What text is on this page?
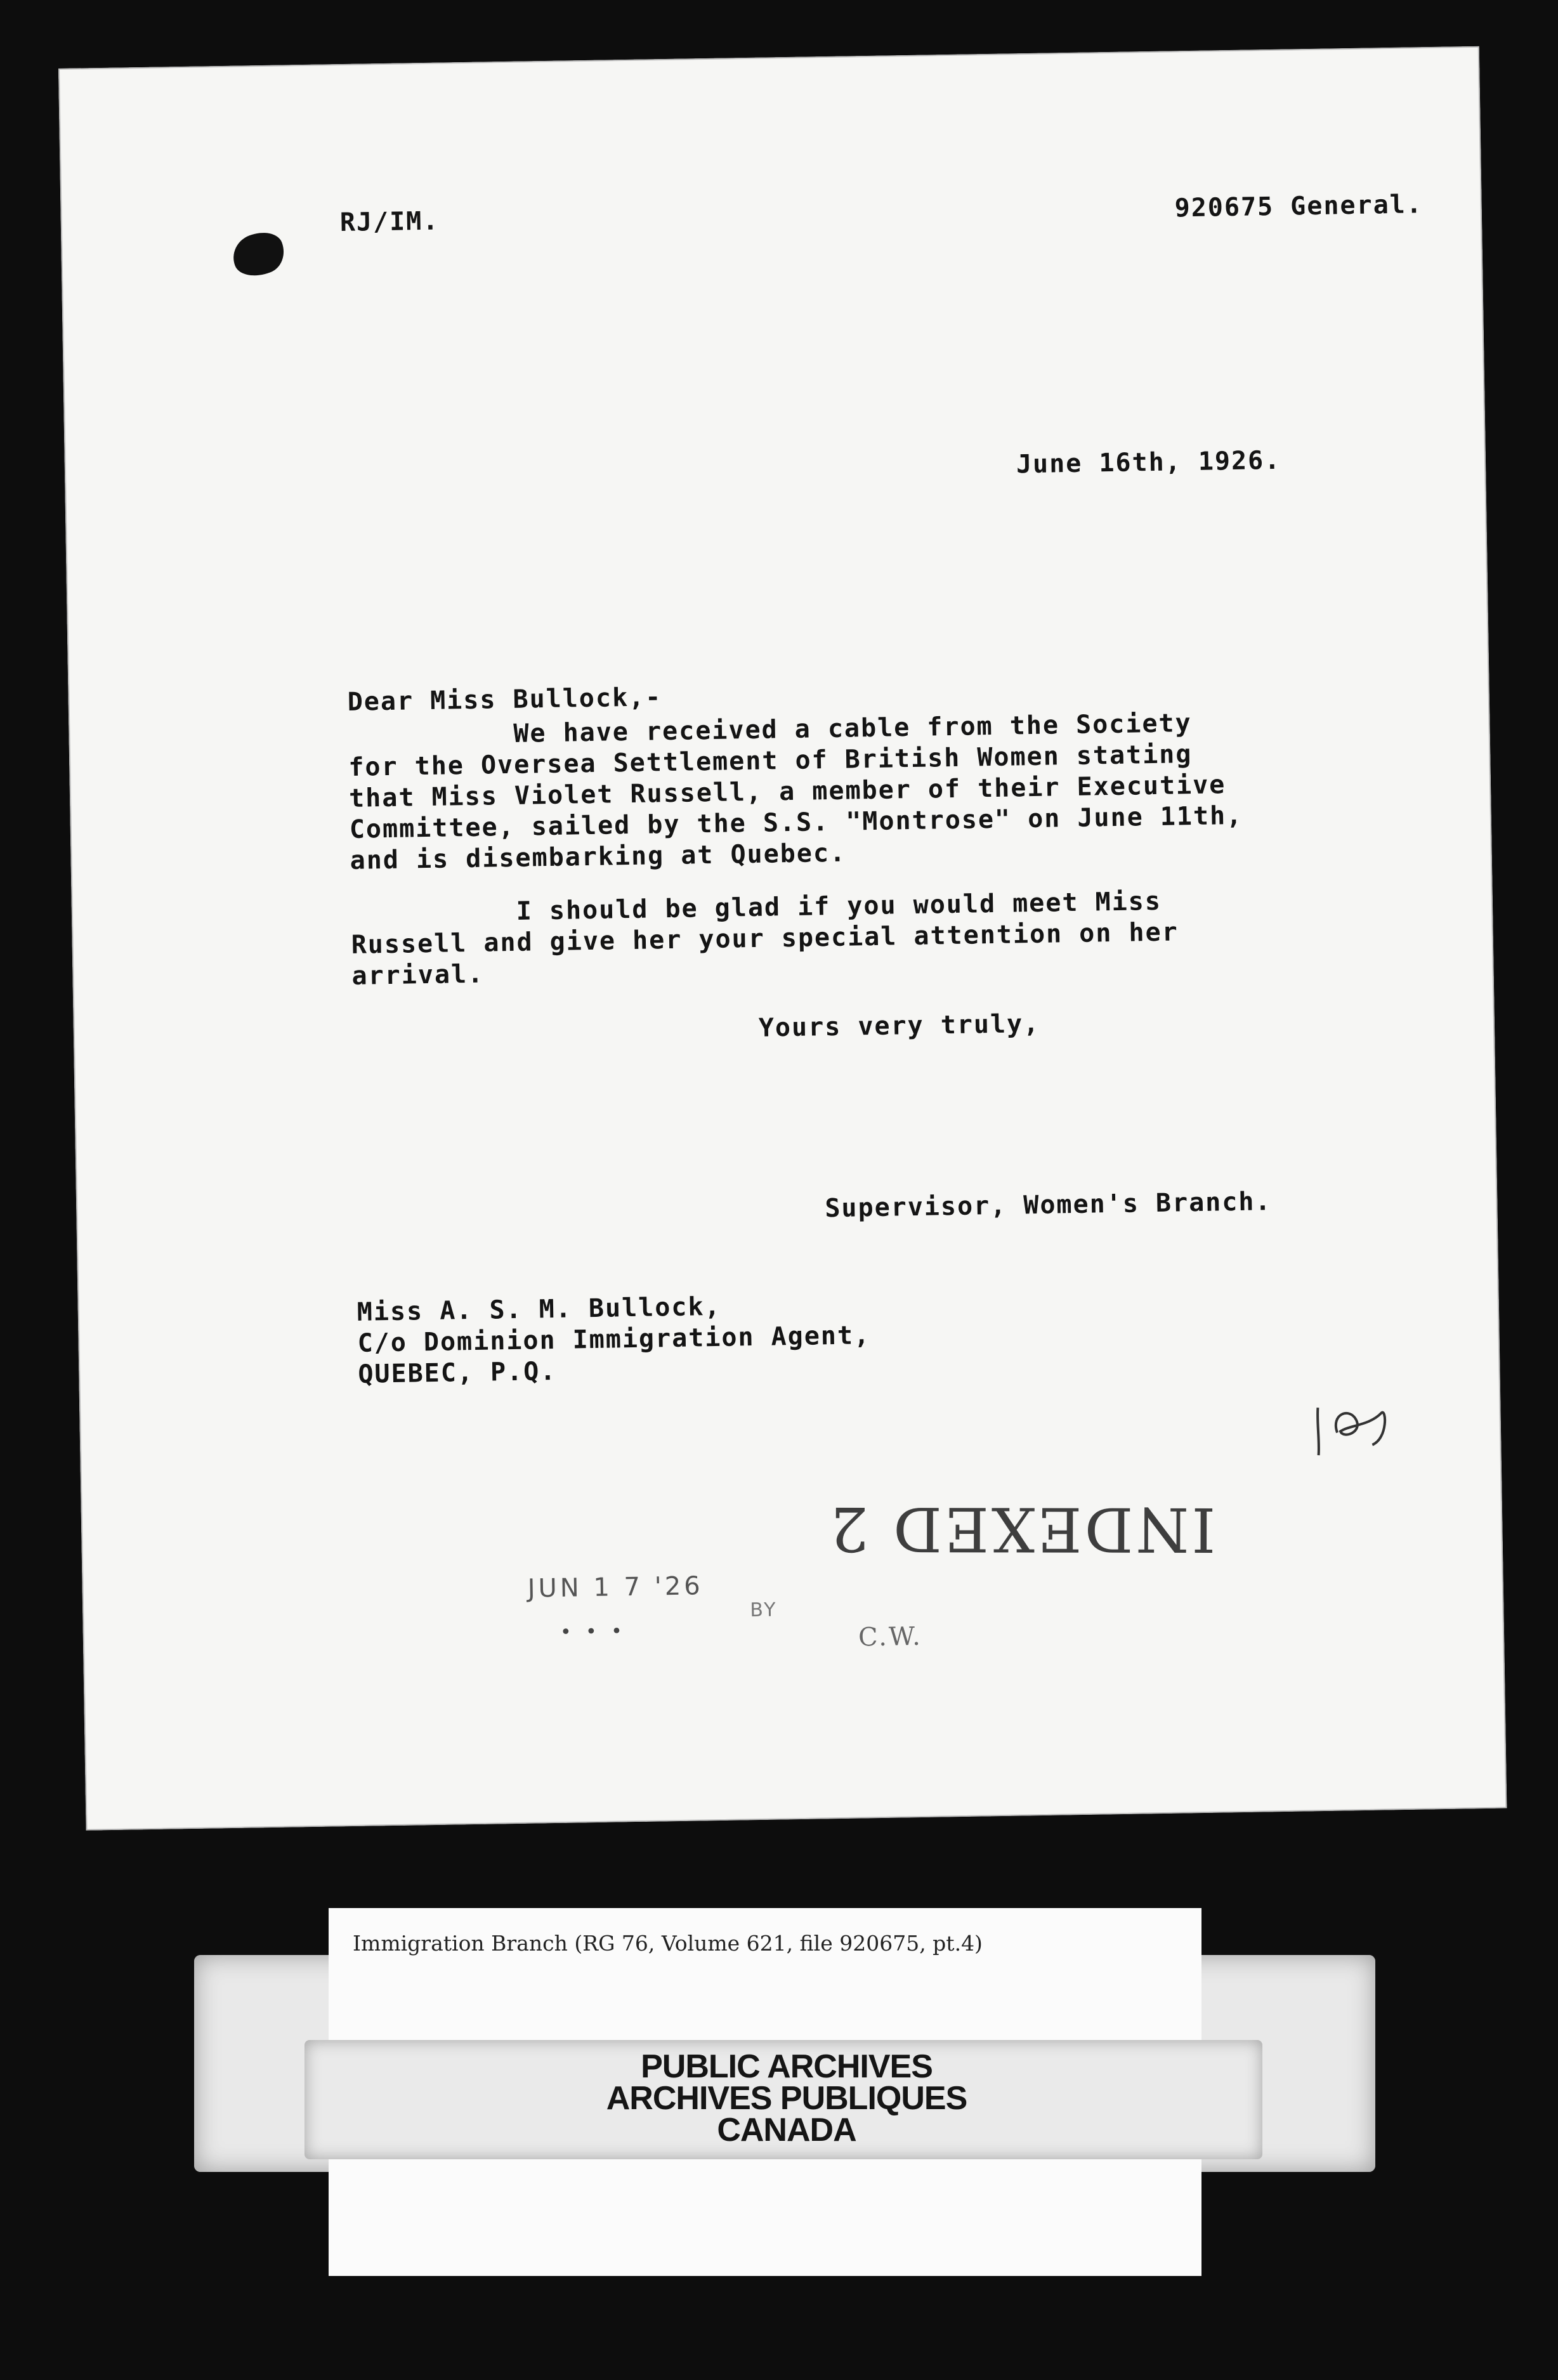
RJ/IM.	920675 General.
June 16th, 1926.
Dear Miss Bullock,-
We have received a cable from the Society
for the Oversea Settlement of British Women stating
that Miss Violet Russell, a member of their Executive
Committee, sailed by the S.S. "Montrose" on June 11th,
and is disembarking at Quebec.
I should be glad if you would meet Miss
Russell and give her your special attention on her
arrival.
Yours very truly,
Supervisor, Women's Branch.
Miss A. S. M. Bullock,
C/o Dominion Immigration Agent,
QUEBEC, P.Q.
INDEXED 2
JUN 1 7 '26
•••
BY
C.W.
Immigration Branch (RG 76, Volume 621, file 920675, pt.4)
PUBLIC ARCHIVES
ARCHIVES PUBLIQUES
CANADA
